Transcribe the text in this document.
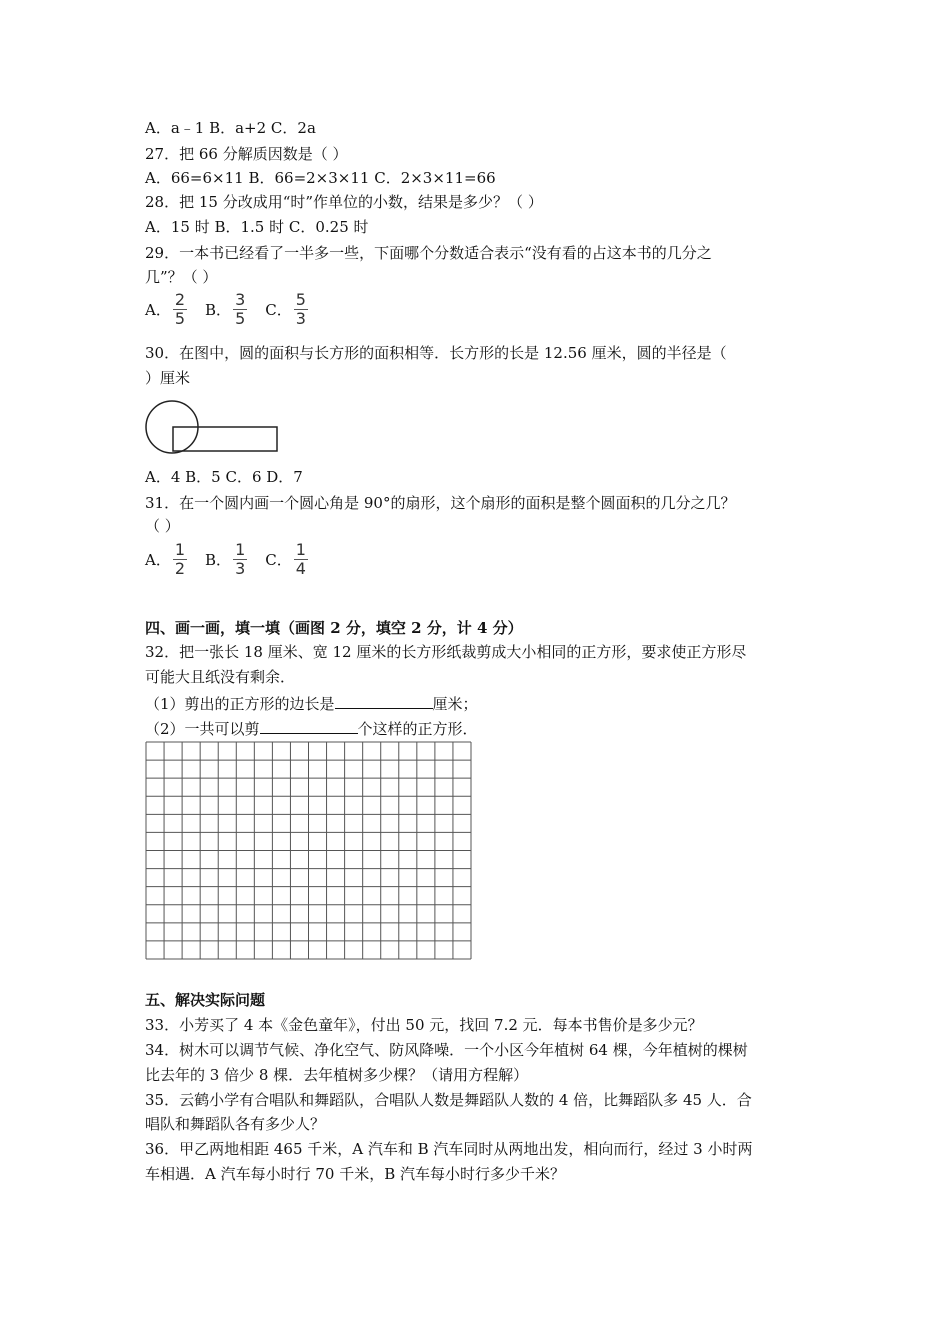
A．a﹣1 B．a+2 C．2a
27．把 66 分解质因数是（ ）
A．66=6×11 B．66=2×3×11 C．2×3×11=66
28．把 15 分改成用“时”作单位的小数，结果是多少？（ ）
A．15 时 B．1.5 时 C．0.25 时
29．一本书已经看了一半多一些，下面哪个分数适合表示“没有看的占这本书的几分之
几”？（ ）
A． $\frac{2}{5}$ B． $\frac{3}{5}$ C． $\frac{5}{3}$
30．在图中，圆的面积与长方形的面积相等．长方形的长是 12.56 厘米，圆的半径是（
）厘米
A．4 B．5 C．6 D．7
31．在一个圆内画一个圆心角是 90°的扇形，这个扇形的面积是整个圆面积的几分之几？
（ ）
A． $\frac{1}{2}$ B． $\frac{1}{3}$ C． $\frac{1}{4}$
四、画一画，填一填（画图 2 分，填空 2 分，计 4 分）
32．把一张长 18 厘米、宽 12 厘米的长方形纸裁剪成大小相同的正方形，要求使正方形尽
可能大且纸没有剩余．
（1）剪出的正方形的边长是	厘米；
（2）一共可以剪	个这样的正方形．
五、解决实际问题
33．小芳买了 4 本《金色童年》，付出 50 元，找回 7.2 元．每本书售价是多少元？
34．树木可以调节气候、净化空气、防风降噪．一个小区今年植树 64 棵，今年植树的棵树
比去年的 3 倍少 8 棵．去年植树多少棵？（请用方程解）
35．云鹤小学有合唱队和舞蹈队，合唱队人数是舞蹈队人数的 4 倍，比舞蹈队多 45 人．合
唱队和舞蹈队各有多少人？
36．甲乙两地相距 465 千米，A 汽车和 B 汽车同时从两地出发，相向而行，经过 3 小时两
车相遇．A 汽车每小时行 70 千米，B 汽车每小时行多少千米？
